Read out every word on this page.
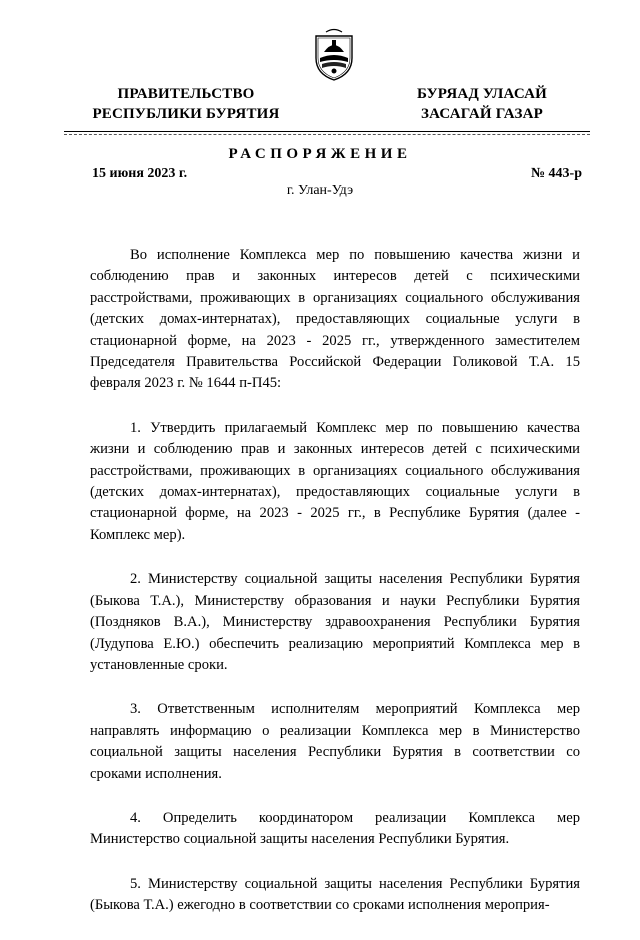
ПРАВИТЕЛЬСТВО
РЕСПУБЛИКИ БУРЯТИЯ
БУРЯАД УЛАСАЙ
ЗАСАГАЙ ГАЗАР
РАСПОРЯЖЕНИЕ
15 июня 2023 г.	№ 443-р
г. Улан-Удэ

Во исполнение Комплекса мер по повышению качества жизни и соблюдению прав и законных интересов детей с психическими расстройствами, проживающих в организациях социального обслуживания (детских домах-интернатах), предоставляющих социальные услуги в стационарной форме, на 2023 - 2025 гг., утвержденного заместителем Председателя Правительства Российской Федерации Голиковой Т.А. 15 февраля 2023 г. № 1644 п-П45:

1. Утвердить прилагаемый Комплекс мер по повышению качества жизни и соблюдению прав и законных интересов детей с психическими расстройствами, проживающих в организациях социального обслуживания (детских домах-интернатах), предоставляющих социальные услуги в стационарной форме, на 2023 - 2025 гг., в Республике Бурятия (далее - Комплекс мер).

2. Министерству социальной защиты населения Республики Бурятия (Быкова Т.А.), Министерству образования и науки Республики Бурятия (Поздняков В.А.), Министерству здравоохранения Республики Бурятия (Лудупова Е.Ю.) обеспечить реализацию мероприятий Комплекса мер в установленные сроки.

3. Ответственным исполнителям мероприятий Комплекса мер направлять информацию о реализации Комплекса мер в Министерство социальной защиты населения Республики Бурятия в соответствии со сроками исполнения.

4. Определить координатором реализации Комплекса мер Министерство социальной защиты населения Республики Бурятия.

5. Министерству социальной защиты населения Республики Бурятия (Быкова Т.А.) ежегодно в соответствии со сроками исполнения мероприя-
